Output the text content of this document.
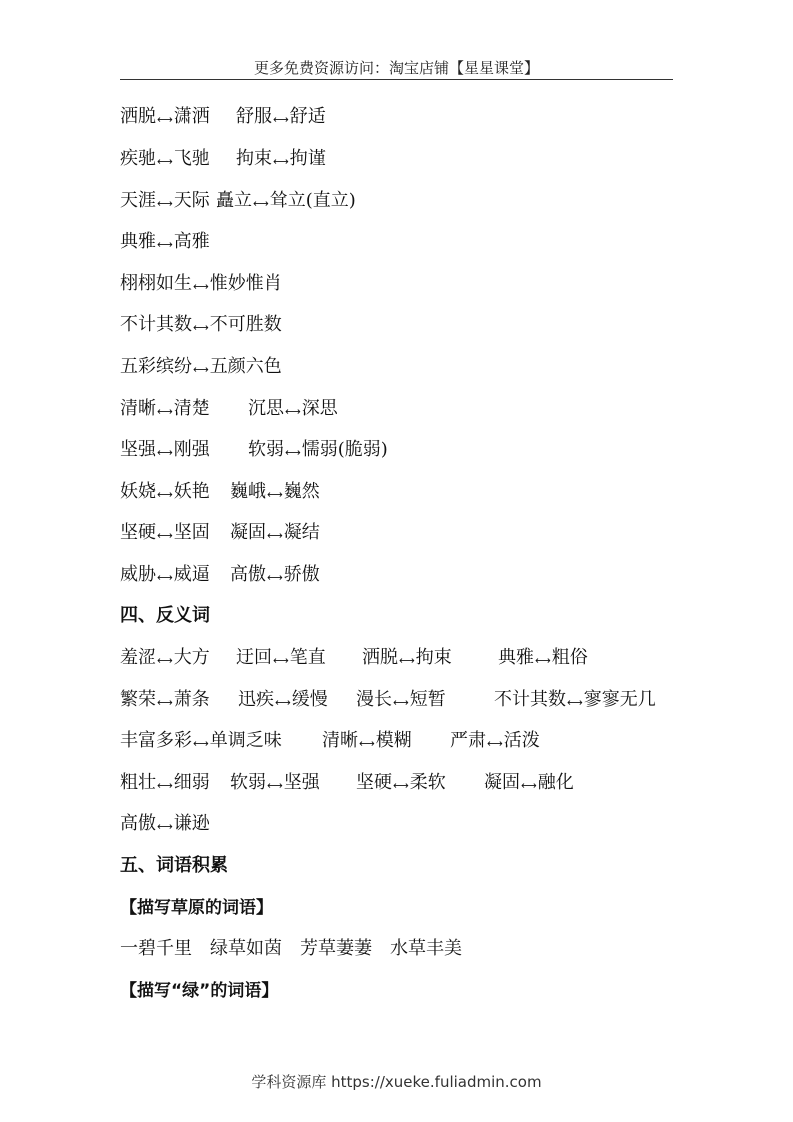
更多免费资源访问：淘宝店铺【星星课堂】
洒脱⟷潇洒 舒服⟷舒适
疾驰⟷飞驰 拘束⟷拘谨
天涯⟷天际 矗立⟷耸立(直立)
典雅⟷高雅
栩栩如生⟷惟妙惟肖
不计其数⟷不可胜数
五彩缤纷⟷五颜六色
清晰⟷清楚 沉思⟷深思
坚强⟷刚强 软弱⟷懦弱(脆弱)
妖娆⟷妖艳 巍峨⟷巍然
坚硬⟷坚固 凝固⟷凝结
威胁⟷威逼 高傲⟷骄傲
四、反义词
羞涩⟷大方 迂回⟷笔直 洒脱⟷拘束	典雅⟷粗俗
繁荣⟷萧条 迅疾⟷缓慢 漫长⟷短暂	不计其数⟷寥寥无几
丰富多彩⟷单调乏味 清晰⟷模糊 严肃⟷活泼
粗壮⟷细弱 软弱⟷坚强 坚硬⟷柔软 凝固⟷融化
高傲⟷谦逊
五、词语积累
【描写草原的词语】
一碧千里　绿草如茵　芳草萋萋　水草丰美
【描写“绿”的词语】
学科资源库 https://xueke.fuliadmin.com
